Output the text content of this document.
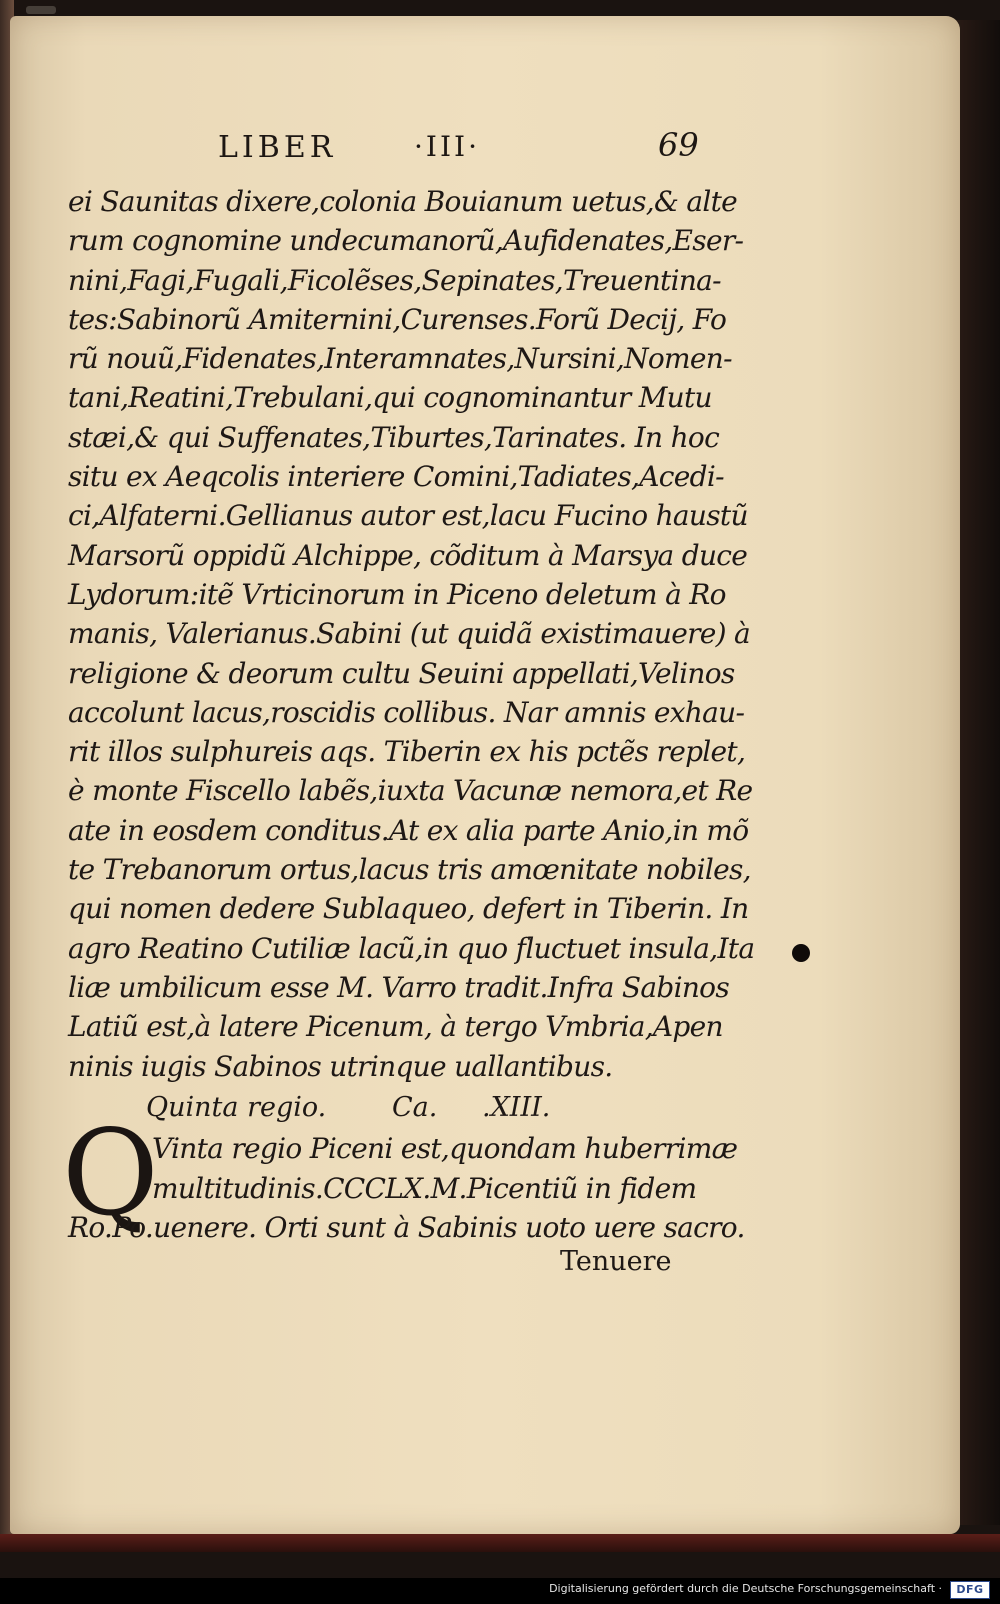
LIBER	·III·	69
ei Saunitas dixere,colonia Bouianum uetus,& alte
rum cognomine undecumanorũ,Aufidenates,Eser-
nini,Fagi,Fugali,Ficolẽses,Sepinates,Treuentina-
tes:Sabinorũ Amiternini,Curenses.Forũ Decij, Fo
rũ nouũ,Fidenates,Interamnates,Nursini,Nomen-
tani,Reatini,Trebulani,qui cognominantur Mutu
stæi,& qui Suffenates,Tiburtes,Tarinates. In hoc
situ ex Aeqcolis interiere Comini,Tadiates,Acedi-
ci,Alfaterni.Gellianus autor est,lacu Fucino haustũ
Marsorũ oppidũ Alchippe, cõditum à Marsya duce
Lydorum:itẽ Vrticinorum in Piceno deletum à Ro
manis, Valerianus.Sabini (ut quidã existimauere) à
religione & deorum cultu Seuini appellati,Velinos
accolunt lacus,roscidis collibus. Nar amnis exhau-
rit illos sulphureis aqs. Tiberin ex his pctẽs replet,
è monte Fiscello labẽs,iuxta Vacunæ nemora,et Re
ate in eosdem conditus.At ex alia parte Anio,in mõ
te Trebanorum ortus,lacus tris amœnitate nobiles,
qui nomen dedere Sublaqueo, defert in Tiberin. In
agro Reatino Cutiliæ lacũ,in quo fluctuet insula,Ita
liæ umbilicum esse M. Varro tradit.Infra Sabinos
Latiũ est,à latere Picenum, à tergo Vmbria,Apen
ninis iugis Sabinos utrinque uallantibus.
Quinta regio. Ca. .XIII.
Q
Vinta regio Piceni est,quondam huberrimæ
multitudinis.CCCLX.M.Picentiũ in fidem
Ro.Po.uenere. Orti sunt à Sabinis uoto uere sacro.
Tenuere
Digitalisierung gefördert durch die Deutsche Forschungsgemeinschaft ·	DFG
